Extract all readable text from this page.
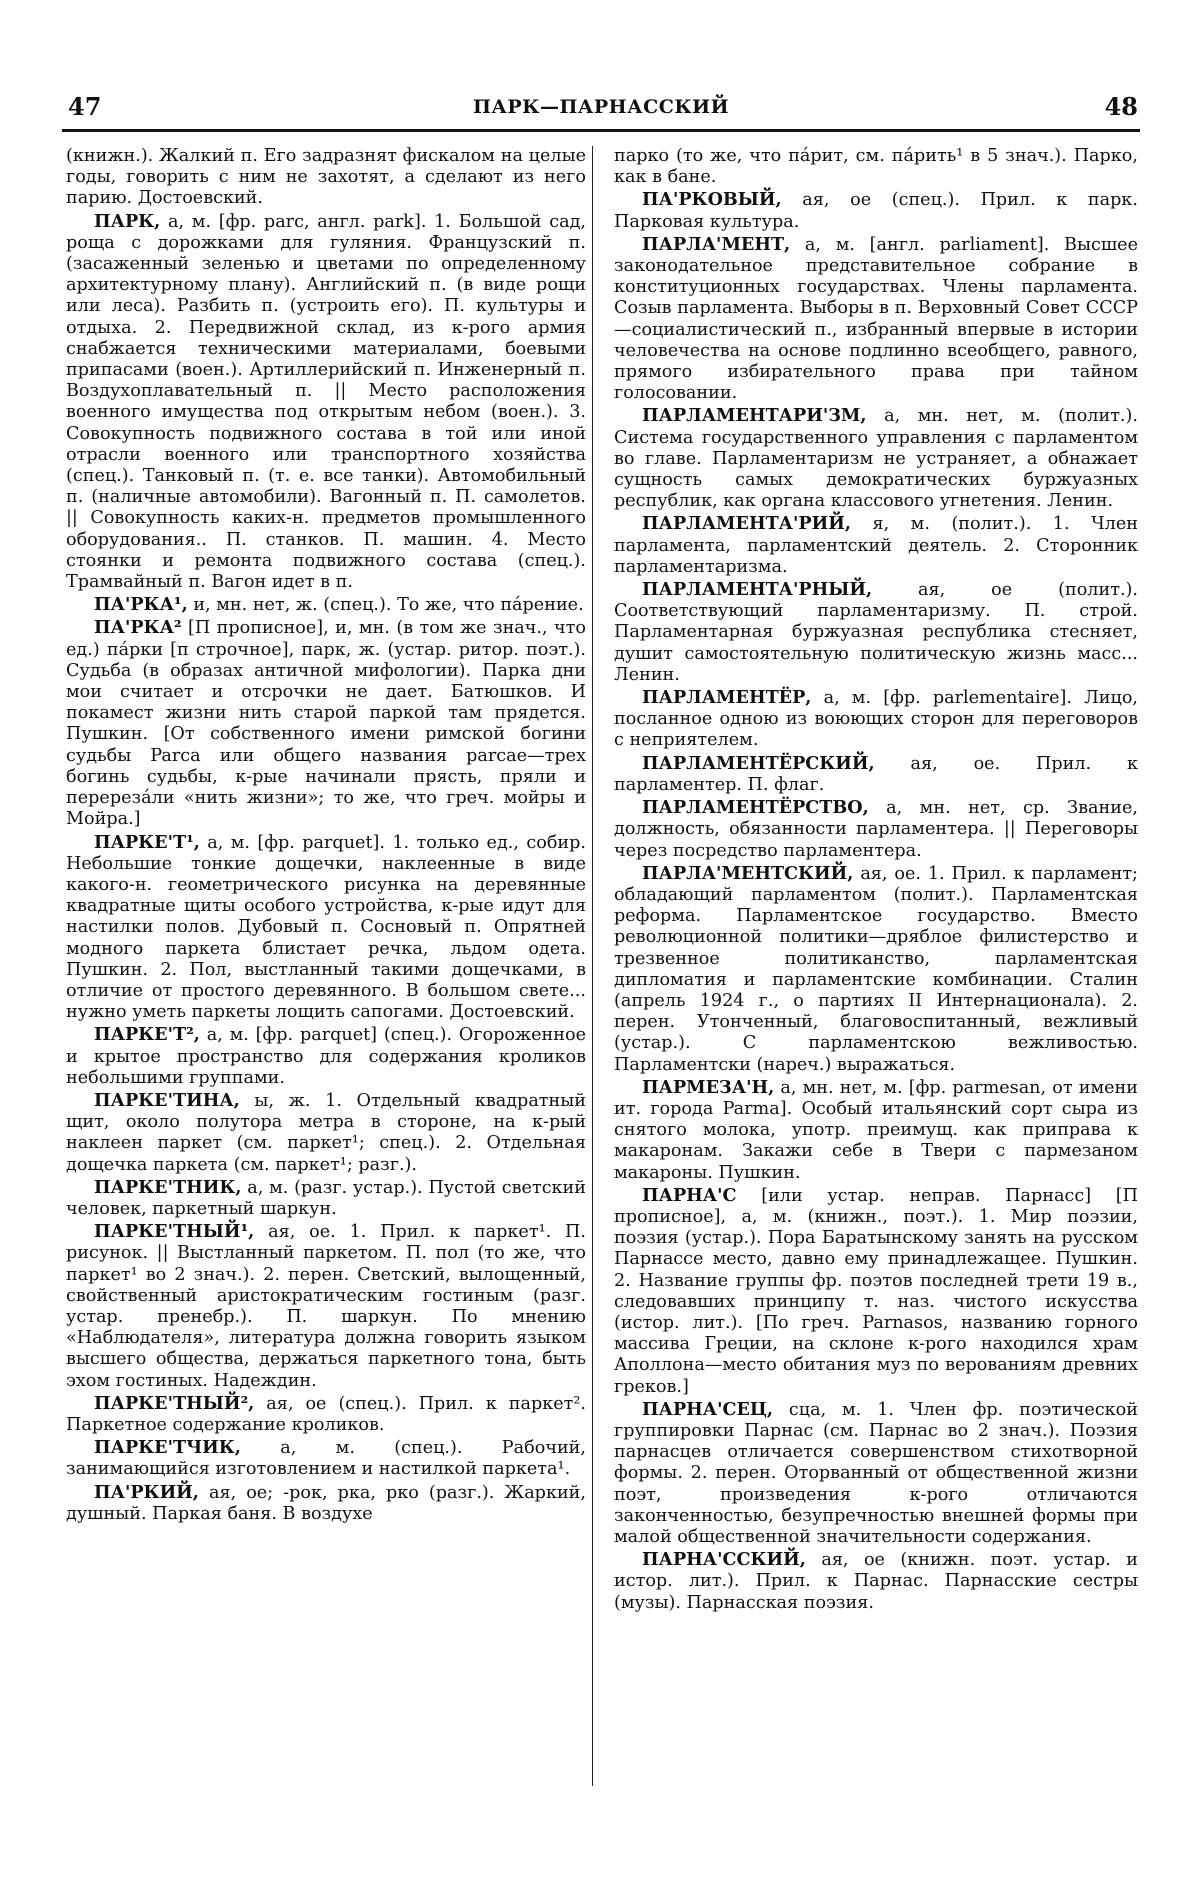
47	ПАРК—ПАРНАССКИЙ	48

(книжн.). Жалкий п. Его задразнят фискалом на целые годы, говорить с ним не захотят, а сделают из него парию. Достоевский.

ПАРК, а, м. [фр. parc, англ. park]. 1. Большой сад, роща с дорожками для гуляния. Французский п. (засаженный зеленью и цветами по определенному архитектурному плану). Английский п. (в виде рощи или леса). Разбить п. (устроить его). П. культуры и отдыха. 2. Передвижной склад, из к-рого армия снабжается техническими материалами, боевыми припасами (воен.). Артиллерийский п. Инженерный п. Воздухоплавательный п. || Место расположения военного имущества под открытым небом (воен.). 3. Совокупность подвижного состава в той или иной отрасли военного или транспортного хозяйства (спец.). Танковый п. (т. е. все танки). Автомобильный п. (наличные автомобили). Вагонный п. П. самолетов. || Совокупность каких-н. предметов промышленного оборудования.. П. станков. П. машин. 4. Место стоянки и ремонта подвижного состава (спец.). Трамвайный п. Вагон идет в п.

ПА'РКА¹, и, мн. нет, ж. (спец.). То же, что пáрение.

ПА'РКА² [П прописное], и, мн. (в том же знач., что ед.) пáрки [п строчное], парк, ж. (устар. ритор. поэт.). Судьба (в образах античной мифологии). Парка дни мои считает и отсрочки не дает. Батюшков. И покамест жизни нить старой паркой там прядется. Пушкин. [От собственного имени римской богини судьбы Parca или общего названия parcae—трех богинь судьбы, к-рые начинали прясть, пряли и перерезáли «нить жизни»; то же, что греч. мойры и Мойра.]

ПАРКЕ'Т¹, а, м. [фр. parquet]. 1. только ед., собир. Небольшие тонкие дощечки, наклеенные в виде какого-н. геометрического рисунка на деревянные квадратные щиты особого устройства, к-рые идут для настилки полов. Дубовый п. Сосновый п. Опрятней модного паркета блистает речка, льдом одета. Пушкин. 2. Пол, выстланный такими дощечками, в отличие от простого деревянного. В большом свете... нужно уметь паркеты лощить сапогами. Достоевский.

ПАРКЕ'Т², а, м. [фр. parquet] (спец.). Огороженное и крытое пространство для содержания кроликов небольшими группами.

ПАРКЕ'ТИНА, ы, ж. 1. Отдельный квадратный щит, около полутора метра в стороне, на к-рый наклеен паркет (см. паркет¹; спец.). 2. Отдельная дощечка паркета (см. паркет¹; разг.).

ПАРКЕ'ТНИК, а, м. (разг. устар.). Пустой светский человек, паркетный шаркун.

ПАРКЕ'ТНЫЙ¹, ая, ое. 1. Прил. к паркет¹. П. рисунок. || Выстланный паркетом. П. пол (то же, что паркет¹ во 2 знач.). 2. перен. Светский, вылощенный, свойственный аристократическим гостиным (разг. устар. пренебр.). П. шаркун. По мнению «Наблюдателя», литература должна говорить языком высшего общества, держаться паркетного тона, быть эхом гостиных. Надеждин.

ПАРКЕ'ТНЫЙ², ая, ое (спец.). Прил. к паркет². Паркетное содержание кроликов.

ПАРКЕ'ТЧИК, а, м. (спец.). Рабочий, занимающийся изготовлением и настилкой паркета¹.

ПА'РКИЙ, ая, ое; -рок, рка, рко (разг.). Жаркий, душный. Паркая баня. В воздухе

парко (то же, что пáрит, см. пáрить¹ в 5 знач.). Парко, как в бане.

ПА'РКОВЫЙ, ая, ое (спец.). Прил. к парк. Парковая культура.

ПАРЛА'МЕНТ, а, м. [англ. parliament]. Высшее законодательное представительное собрание в конституционных государствах. Члены парламента. Созыв парламента. Выборы в п. Верховный Совет СССР—социалистический п., избранный впервые в истории человечества на основе подлинно всеобщего, равного, прямого избирательного права при тайном голосовании.

ПАРЛАМЕНТАРИ'ЗМ, а, мн. нет, м. (полит.). Система государственного управления с парламентом во главе. Парламентаризм не устраняет, а обнажает сущность самых демократических буржуазных республик, как органа классового угнетения. Ленин.

ПАРЛАМЕНТА'РИЙ, я, м. (полит.). 1. Член парламента, парламентский деятель. 2. Сторонник парламентаризма.

ПАРЛАМЕНТА'РНЫЙ, ая, ое (полит.). Соответствующий парламентаризму. П. строй. Парламентарная буржуазная республика стесняет, душит самостоятельную политическую жизнь масс... Ленин.

ПАРЛАМЕНТЁР, а, м. [фр. parlementaire]. Лицо, посланное одною из воюющих сторон для переговоров с неприятелем.

ПАРЛАМЕНТЁРСКИЙ, ая, ое. Прил. к парламентер. П. флаг.

ПАРЛАМЕНТЁРСТВО, а, мн. нет, ср. Звание, должность, обязанности парламентера. || Переговоры через посредство парламентера.

ПАРЛА'МЕНТСКИЙ, ая, ое. 1. Прил. к парламент; обладающий парламентом (полит.). Парламентская реформа. Парламентское государство. Вместо революционной политики—дряблое филистерство и трезвенное политиканство, парламентская дипломатия и парламентские комбинации. Сталин (апрель 1924 г., о партиях II Интернационала). 2. перен. Утонченный, благовоспитанный, вежливый (устар.). С парламентскою вежливостью. Парламентски (нареч.) выражаться.

ПАРМЕЗА'Н, а, мн. нет, м. [фр. parmesan, от имени ит. города Parma]. Особый итальянский сорт сыра из снятого молока, употр. преимущ. как приправа к макаронам. Закажи себе в Твери с пармезаном макароны. Пушкин.

ПАРНА'С [или устар. неправ. Парнасс] [П прописное], а, м. (книжн., поэт.). 1. Мир поэзии, поэзия (устар.). Пора Баратынскому занять на русском Парнассе место, давно ему принадлежащее. Пушкин. 2. Название группы фр. поэтов последней трети 19 в., следовавших принципу т. наз. чистого искусства (истор. лит.). [По греч. Parnasos, названию горного массива Греции, на склоне к-рого находился храм Аполлона—место обитания муз по верованиям древних греков.]

ПАРНА'СЕЦ, сца, м. 1. Член фр. поэтической группировки Парнас (см. Парнас во 2 знач.). Поэзия парнасцев отличается совершенством стихотворной формы. 2. перен. Оторванный от общественной жизни поэт, произведения к-рого отличаются законченностью, безупречностью внешней формы при малой общественной значительности содержания.

ПАРНА'ССКИЙ, ая, ое (книжн. поэт. устар. и истор. лит.). Прил. к Парнас. Парнасские сестры (музы). Парнасская поэзия.
